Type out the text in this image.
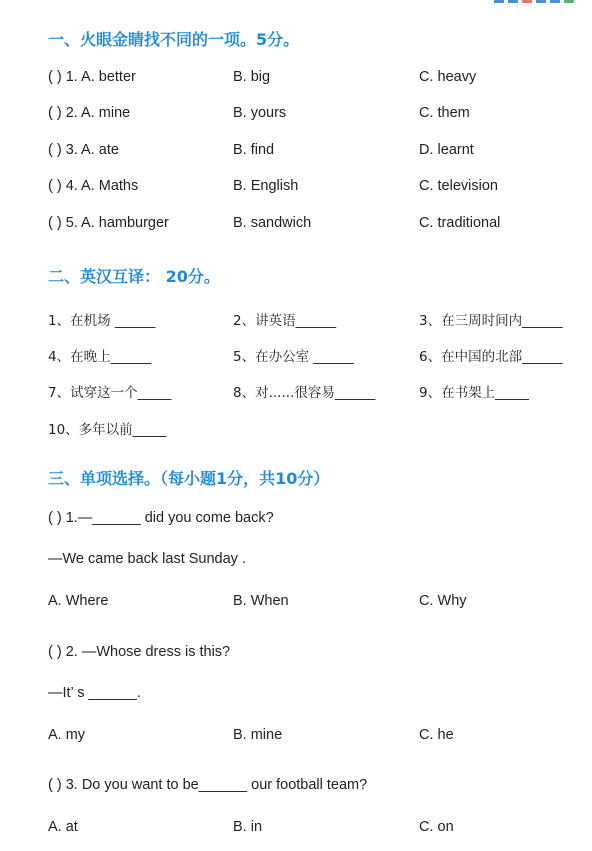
一、火眼金睛找不同的一项。5分。
( ) 1. A. better	B. big	C. heavy
( ) 2. A. mine	B. yours	C. them
( ) 3. A. ate	B. find	D. learnt
( ) 4. A. Maths	B. English	C. television
( ) 5. A. hamburger	B. sandwich	C. traditional
二、英汉互译： 20分。
1、在机场 ______	2、讲英语______	3、在三周时间内______
4、在晚上______	5、在办公室 ______	6、在中国的北部______
7、试穿这一个_____	8、对......很容易______	9、在书架上_____
10、多年以前_____
三、单项选择。（每小题1分，共10分）
( ) 1.—______ did you come back?
—We came back last Sunday .
A. Where	B. When	C. Why
( ) 2. —Whose dress is this?
—It’ s ______.
A. my	B. mine	C. he
( ) 3. Do you want to be______ our football team?
A. at	B. in	C. on
